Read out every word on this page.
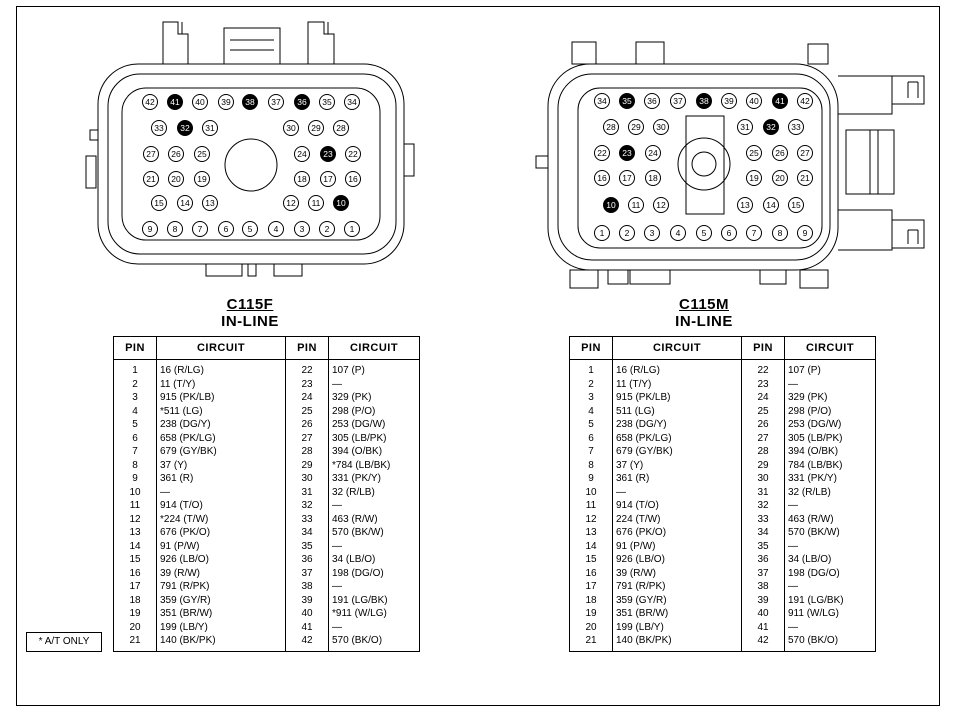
42 41 40 39 38 37 36 35 34
33 32 31	30 29 28
27 26 25	24 23 22
21 20 19	18 17 16
15 14 13	12 11 10
9 8 7	6 5	4	3 2 1
34 35 36 37 38 39 40 41 42
28 29 30	31 32 33
22 23 24	25 26 27
16 17 18	19 20 21
10 11 12	13 14 15
1 2 3	4	5 6 7	8 9
C115F
IN-LINE
C115M
IN-LINE
PIN	CIRCUIT	PIN	CIRCUIT
1	16 (R/LG)	22	107 (P)
2	11 (T/Y)	23	—
3	915 (PK/LB)	24	329 (PK)
4	*511 (LG)	25	298 (P/O)
5	238 (DG/Y)	26	253 (DG/W)
6	658 (PK/LG)	27	305 (LB/PK)
7	679 (GY/BK)	28	394 (O/BK)
8	37 (Y)	29	*784 (LB/BK)
9	361 (R)	30	331 (PK/Y)
10	—	31	32 (R/LB)
11	914 (T/O)	32	—
12	*224 (T/W)	33	463 (R/W)
13	676 (PK/O)	34	570 (BK/W)
14	91 (P/W)	35	—
15	926 (LB/O)	36	34 (LB/O)
16	39 (R/W)	37	198 (DG/O)
17	791 (R/PK)	38	—
18	359 (GY/R)	39	191 (LG/BK)
19	351 (BR/W)	40	*911 (W/LG)
20	199 (LB/Y)	41	—
21	140 (BK/PK)	42	570 (BK/O)
PIN	CIRCUIT	PIN	CIRCUIT
1	16 (R/LG)	22	107 (P)
2	11 (T/Y)	23	—
3	915 (PK/LB)	24	329 (PK)
4	511 (LG)	25	298 (P/O)
5	238 (DG/Y)	26	253 (DG/W)
6	658 (PK/LG)	27	305 (LB/PK)
7	679 (GY/BK)	28	394 (O/BK)
8	37 (Y)	29	784 (LB/BK)
9	361 (R)	30	331 (PK/Y)
10	—	31	32 (R/LB)
11	914 (T/O)	32	—
12	224 (T/W)	33	463 (R/W)
13	676 (PK/O)	34	570 (BK/W)
14	91 (P/W)	35	—
15	926 (LB/O)	36	34 (LB/O)
16	39 (R/W)	37	198 (DG/O)
17	791 (R/PK)	38	—
18	359 (GY/R)	39	191 (LG/BK)
19	351 (BR/W)	40	911 (W/LG)
20	199 (LB/Y)	41	—
21	140 (BK/PK)	42	570 (BK/O)
* A/T ONLY
